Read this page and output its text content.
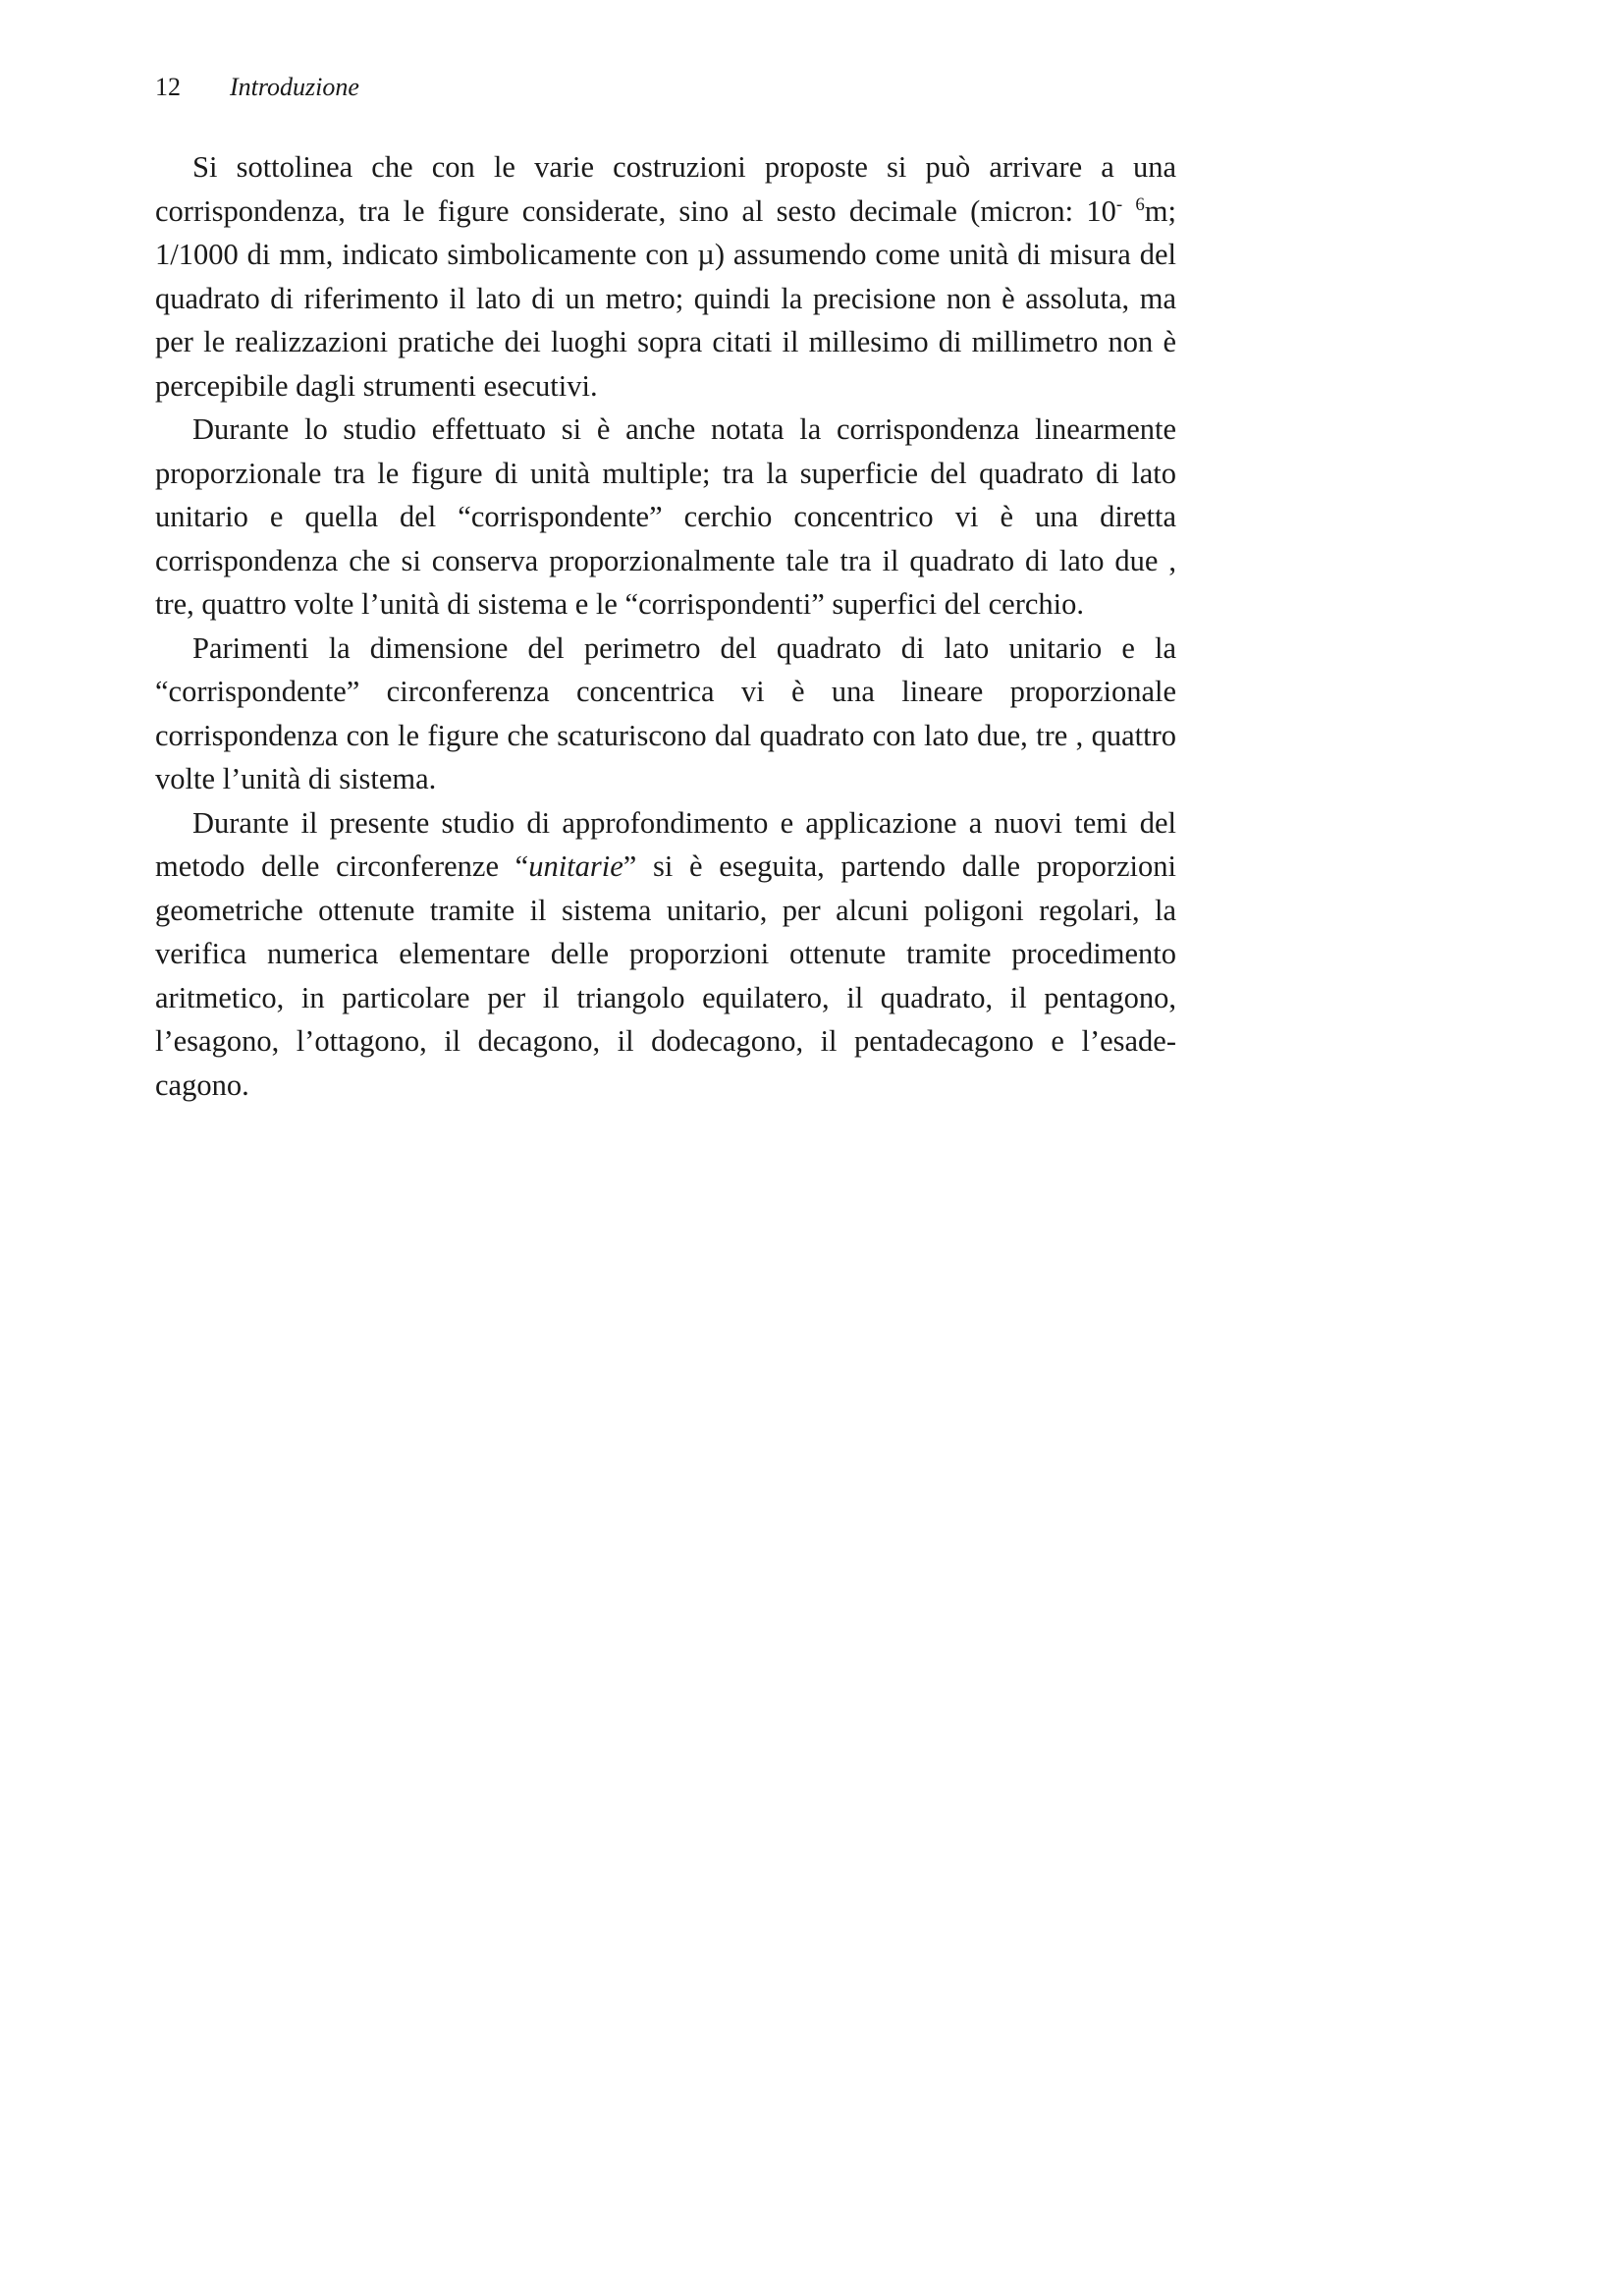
12 Introduzione

Si sottolinea che con le varie costruzioni proposte si può arrivare a una corrispondenza, tra le figure considerate, sino al sesto decimale (micron: 10- $^6$m; 1/1000 di mm, indicato simbolicamente con µ) assumendo come unità di misura del quadrato di riferimento il lato di un metro; quindi la precisione non è assoluta, ma per le realizzazioni pratiche dei luoghi sopra citati il millesimo di millimetro non è percepibile dagli strumenti esecutivi.

Durante lo studio effettuato si è anche notata la corrispondenza linearmente proporzionale tra le figure di unità multiple; tra la superficie del quadrato di lato unitario e quella del “corrispondente” cerchio concentrico vi è una diretta corrispondenza che si conserva proporzionalmente tale tra il quadrato di lato due , tre, quattro volte l’unità di sistema e le “corrispondenti” superfici del cerchio.

Parimenti la dimensione del perimetro del quadrato di lato unitario e la “corrispondente” circonferenza concentrica vi è una lineare proporzionale corrispondenza con le figure che scaturiscono dal quadrato con lato due, tre , quattro volte l’unità di sistema.

Durante il presente studio di approfondimento e applicazione a nuovi temi del metodo delle circonferenze “unitarie” si è eseguita, partendo dalle proporzioni geometriche ottenute tramite il sistema unitario, per alcuni poligoni regolari, la verifica numerica elementare delle proporzioni ottenute tramite procedimento aritmetico, in particolare per il triangolo equilatero, il quadrato, il pentagono, l’esagono, l’ottagono, il decagono, il dodecagono, il pentadecagono e l’esade-cagono.
